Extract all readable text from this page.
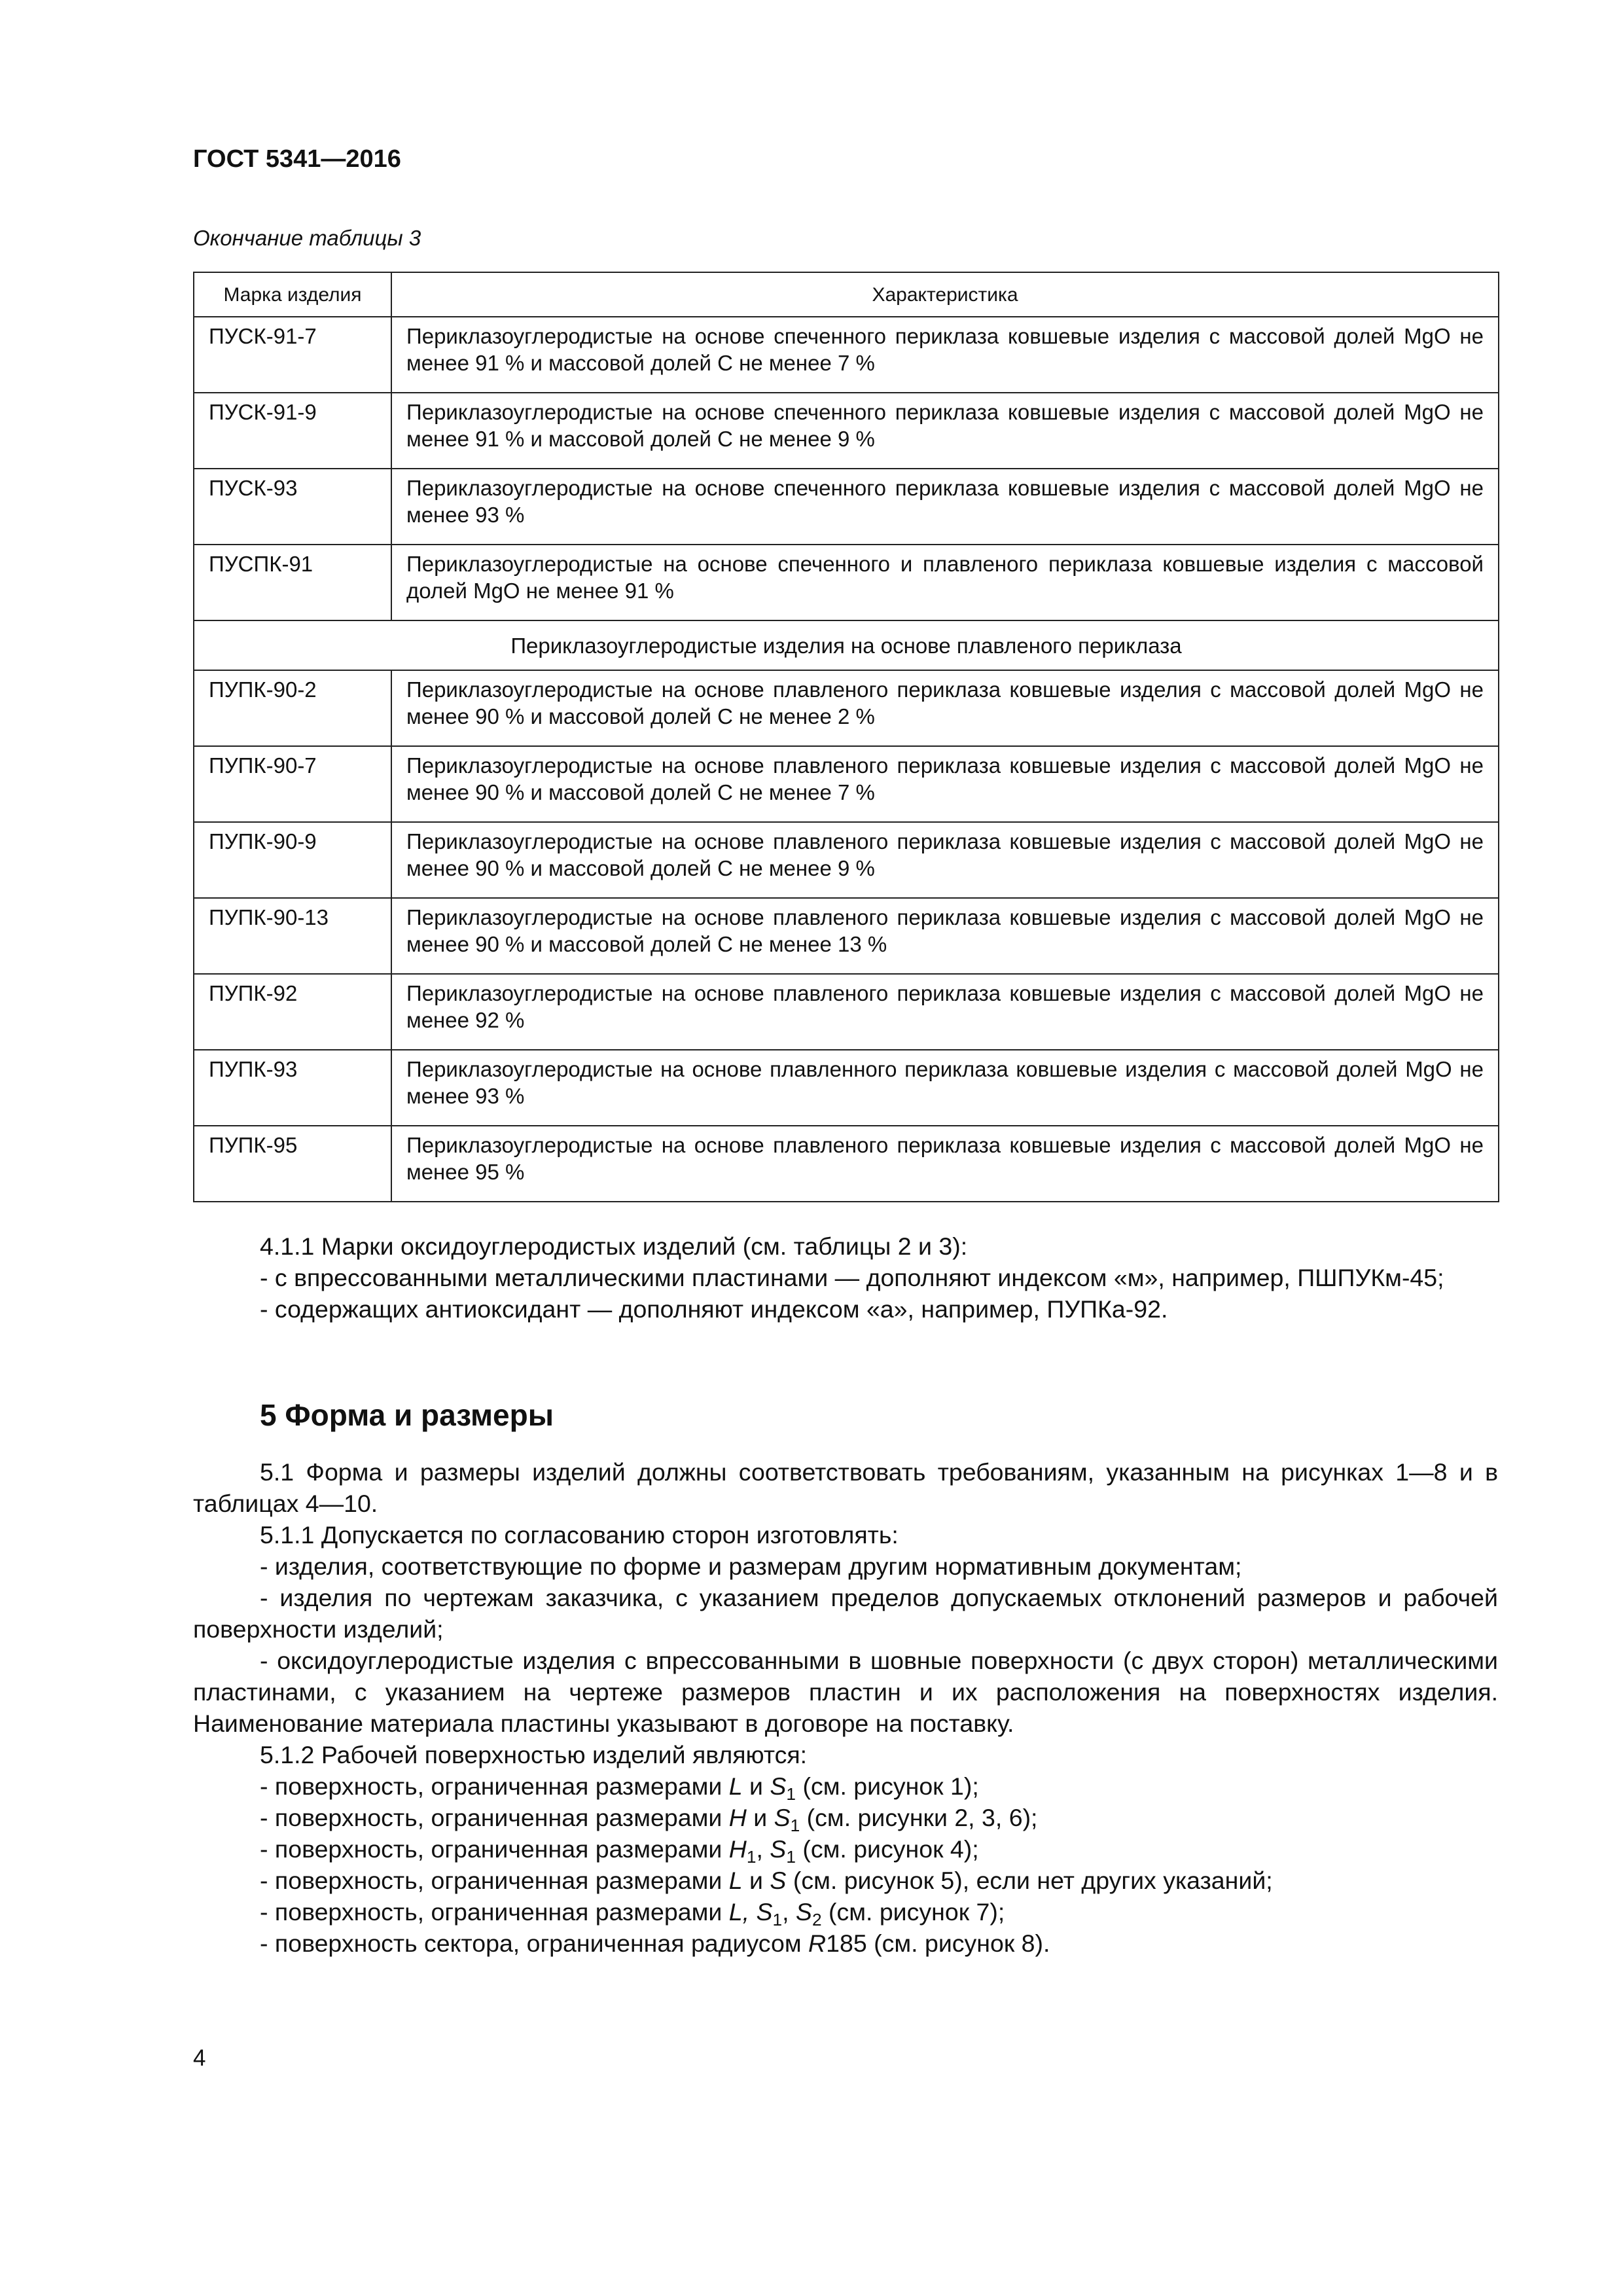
ГОСТ 5341—2016
Окончание таблицы 3
Марка изделия	Характеристика
ПУСК-91-7	Периклазоуглеродистые на основе спеченного периклаза ковшевые изделия с массовой долей MgO не менее 91 % и массовой долей С не менее 7 %
ПУСК-91-9	Периклазоуглеродистые на основе спеченного периклаза ковшевые изделия с массовой долей MgO не менее 91 % и массовой долей С не менее 9 %
ПУСК-93	Периклазоуглеродистые на основе спеченного периклаза ковшевые изделия с массовой долей MgO не менее 93 %
ПУСПК-91	Периклазоуглеродистые на основе спеченного и плавленого периклаза ковшевые изделия с массовой долей MgO не менее 91 %
Периклазоуглеродистые изделия на основе плавленого периклаза	
ПУПК-90-2	Периклазоуглеродистые на основе плавленого периклаза ковшевые изделия с массовой долей MgO не менее 90 % и массовой долей С не менее 2 %
ПУПК-90-7	Периклазоуглеродистые на основе плавленого периклаза ковшевые изделия с массовой долей MgO не менее 90 % и массовой долей С не менее 7 %
ПУПК-90-9	Периклазоуглеродистые на основе плавленого периклаза ковшевые изделия с массовой долей MgO не менее 90 % и массовой долей С не менее 9 %
ПУПК-90-13	Периклазоуглеродистые на основе плавленого периклаза ковшевые изделия с массовой долей MgO не менее 90 % и массовой долей С не менее 13 %
ПУПК-92	Периклазоуглеродистые на основе плавленого периклаза ковшевые изделия с массовой долей MgO не менее 92 %
ПУПК-93	Периклазоуглеродистые на основе плавленного периклаза ковшевые изделия с массовой долей MgO не менее 93 %
ПУПК-95	Периклазоуглеродистые на основе плавленого периклаза ковшевые изделия с массовой долей MgO не менее 95 %

4.1.1 Марки оксидоуглеродистых изделий (см. таблицы 2 и 3):

- с впрессованными металлическими пластинами — дополняют индексом «м», например, ПШПУКм-45;

- содержащих антиоксидант — дополняют индексом «а», например, ПУПКа-92.

5 Форма и размеры

5.1 Форма и размеры изделий должны соответствовать требованиям, указанным на рисунках 1—8 и в таблицах 4—10.

5.1.1 Допускается по согласованию сторон изготовлять:

- изделия, соответствующие по форме и размерам другим нормативным документам;

- изделия по чертежам заказчика, с указанием пределов допускаемых отклонений размеров и рабочей поверхности изделий;

- оксидоуглеродистые изделия с впрессованными в шовные поверхности (с двух сторон) металлическими пластинами, с указанием на чертеже размеров пластин и их расположения на поверхностях изделия. Наименование материала пластины указывают в договоре на поставку.

5.1.2 Рабочей поверхностью изделий являются:

- поверхность, ограниченная размерами L и $S_1$ (см. рисунок 1);

- поверхность, ограниченная размерами H и $S_1$ (см. рисунки 2, 3, 6);

- поверхность, ограниченная размерами $H_1$, $S_1$ (см. рисунок 4);

- поверхность, ограниченная размерами L и S (см. рисунок 5), если нет других указаний;

- поверхность, ограниченная размерами L, $S_1$, $S_2$ (см. рисунок 7);

- поверхность сектора, ограниченная радиусом R185 (см. рисунок 8).

4
